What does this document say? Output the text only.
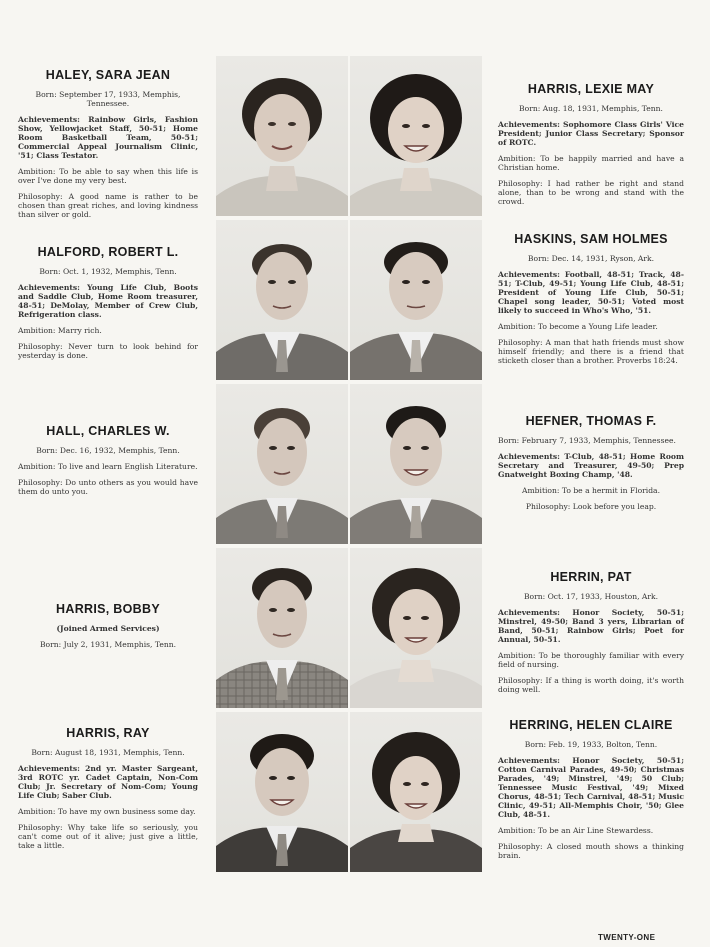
HALEY, SARA JEAN

Born: September 17, 1933, Memphis, Tennessee.

Achievements: Rainbow Girls, Fashion Show, Yellowjacket Staff, 50-51; Home Room Basketball Team, 50-51; Commercial Appeal Journalism Clinic, '51; Class Testator.

Ambition: To be able to say when this life is over I've done my very best.

Philosophy: A good name is rather to be chosen than great riches, and loving kindness than silver or gold.

HALFORD, ROBERT L.

Born: Oct. 1, 1932, Memphis, Tenn.

Achievements: Young Life Club, Boots and Saddle Club, Home Room treasurer, 48-51; DeMolay, Member of Crew Club, Refrigeration class.

Ambition: Marry rich.

Philosophy: Never turn to look behind for yesterday is done.

HALL, CHARLES W.

Born: Dec. 16, 1932, Memphis, Tenn.

Ambition: To live and learn English Literature.

Philosophy: Do unto others as you would have them do unto you.

HARRIS, BOBBY

(Joined Armed Services)

Born: July 2, 1931, Memphis, Tenn.

HARRIS, RAY

Born: August 18, 1931, Memphis, Tenn.

Achievements: 2nd yr. Master Sargeant, 3rd ROTC yr. Cadet Captain, Non-Com Club; Jr. Secretary of Nom-Com; Young Life Club; Saber Club.

Ambition: To have my own business some day.

Philosophy: Why take life so seriously, you can't come out of it alive; just give a little, take a little.

HARRIS, LEXIE MAY

Born: Aug. 18, 1931, Memphis, Tenn.

Achievements: Sophomore Class Girls' Vice President; Junior Class Secretary; Sponsor of ROTC.

Ambition: To be happily married and have a Christian home.

Philosophy: I had rather be right and stand alone, than to be wrong and stand with the crowd.

HASKINS, SAM HOLMES

Born: Dec. 14, 1931, Ryson, Ark.

Achievements: Football, 48-51; Track, 48-51; T-Club, 49-51; Young Life Club, 48-51; President of Young Life Club, 50-51; Chapel song leader, 50-51; Voted most likely to succeed in Who's Who, '51.

Ambition: To become a Young Life leader.

Philosophy: A man that hath friends must show himself friendly; and there is a friend that sticketh closer than a brother. Proverbs 18:24.

HEFNER, THOMAS F.

Born: February 7, 1933, Memphis, Tennessee.

Achievements: T-Club, 48-51; Home Room Secretary and Treasurer, 49-50; Prep Gnatweight Boxing Champ, '48.

Ambition: To be a hermit in Florida.

Philosophy: Look before you leap.

HERRIN, PAT

Born: Oct. 17, 1933, Houston, Ark.

Achievements: Honor Society, 50-51; Minstrel, 49-50; Band 3 yers, Librarian of Band, 50-51; Rainbow Girls; Poet for Annual, 50-51.

Ambition: To be thoroughly familiar with every field of nursing.

Philosophy: If a thing is worth doing, it's worth doing well.

HERRING, HELEN CLAIRE

Born: Feb. 19, 1933, Bolton, Tenn.

Achievements: Honor Society, 50-51; Cotton Carnival Parades, 49-50; Christmas Parades, '49; Minstrel, '49; 50 Club; Tennessee Music Festival, '49; Mixed Chorus, 48-51; Tech Carnival, 48-51; Music Clinic, 49-51; All-Memphis Choir, '50; Glee Club, 48-51.

Ambition: To be an Air Line Stewardess.

Philosophy: A closed mouth shows a thinking brain.

TWENTY-ONE
